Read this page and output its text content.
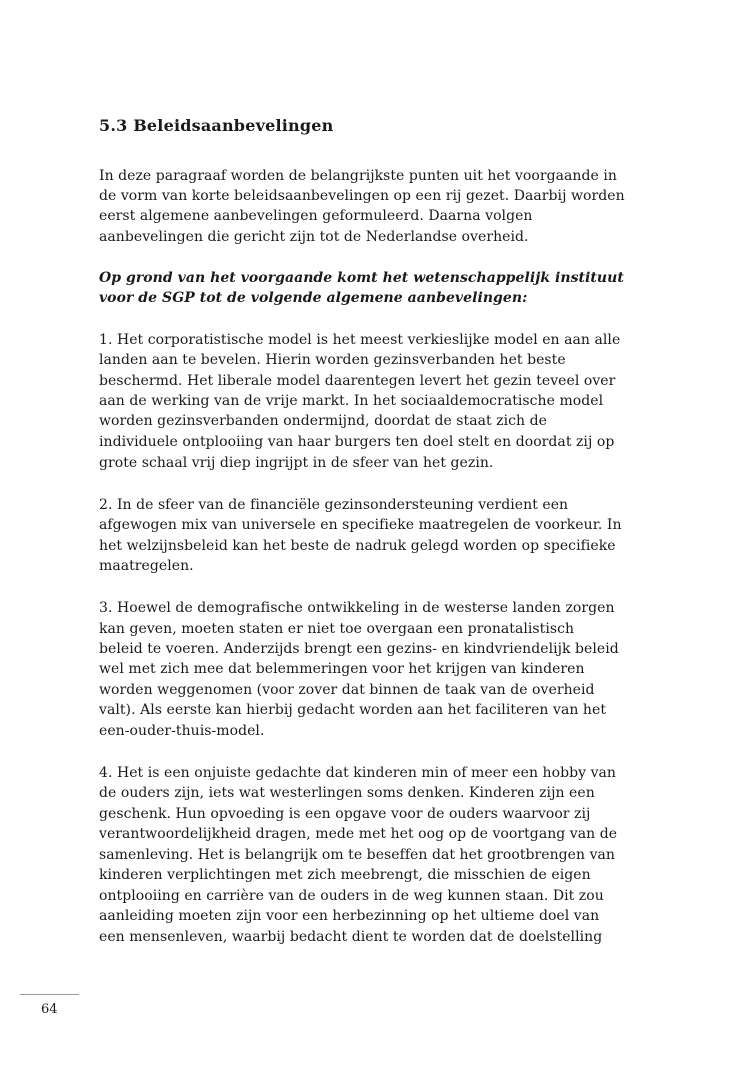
5.3 Beleidsaanbevelingen
In deze paragraaf worden de belangrijkste punten uit het voorgaande in
de vorm van korte beleidsaanbevelingen op een rij gezet. Daarbij worden
eerst algemene aanbevelingen geformuleerd. Daarna volgen
aanbevelingen die gericht zijn tot de Nederlandse overheid.
Op grond van het voorgaande komt het wetenschappelijk instituut
voor de SGP tot de volgende algemene aanbevelingen:
1. Het corporatistische model is het meest verkieslijke model en aan alle
landen aan te bevelen. Hierin worden gezinsverbanden het beste
beschermd. Het liberale model daarentegen levert het gezin teveel over
aan de werking van de vrije markt. In het sociaaldemocratische model
worden gezinsverbanden ondermijnd, doordat de staat zich de
individuele ontplooiing van haar burgers ten doel stelt en doordat zij op
grote schaal vrij diep ingrijpt in de sfeer van het gezin.
2. In de sfeer van de financiële gezinsondersteuning verdient een
afgewogen mix van universele en specifieke maatregelen de voorkeur. In
het welzijnsbeleid kan het beste de nadruk gelegd worden op specifieke
maatregelen.
3. Hoewel de demografische ontwikkeling in de westerse landen zorgen
kan geven, moeten staten er niet toe overgaan een pronatalistisch
beleid te voeren. Anderzijds brengt een gezins- en kindvriendelijk beleid
wel met zich mee dat belemmeringen voor het krijgen van kinderen
worden weggenomen (voor zover dat binnen de taak van de overheid
valt). Als eerste kan hierbij gedacht worden aan het faciliteren van het
een-ouder-thuis-model.
4. Het is een onjuiste gedachte dat kinderen min of meer een hobby van
de ouders zijn, iets wat westerlingen soms denken. Kinderen zijn een
geschenk. Hun opvoeding is een opgave voor de ouders waarvoor zij
verantwoordelijkheid dragen, mede met het oog op de voortgang van de
samenleving. Het is belangrijk om te beseffen dat het grootbrengen van
kinderen verplichtingen met zich meebrengt, die misschien de eigen
ontplooiing en carrière van de ouders in de weg kunnen staan. Dit zou
aanleiding moeten zijn voor een herbezinning op het ultieme doel van
een mensenleven, waarbij bedacht dient te worden dat de doelstelling
64
